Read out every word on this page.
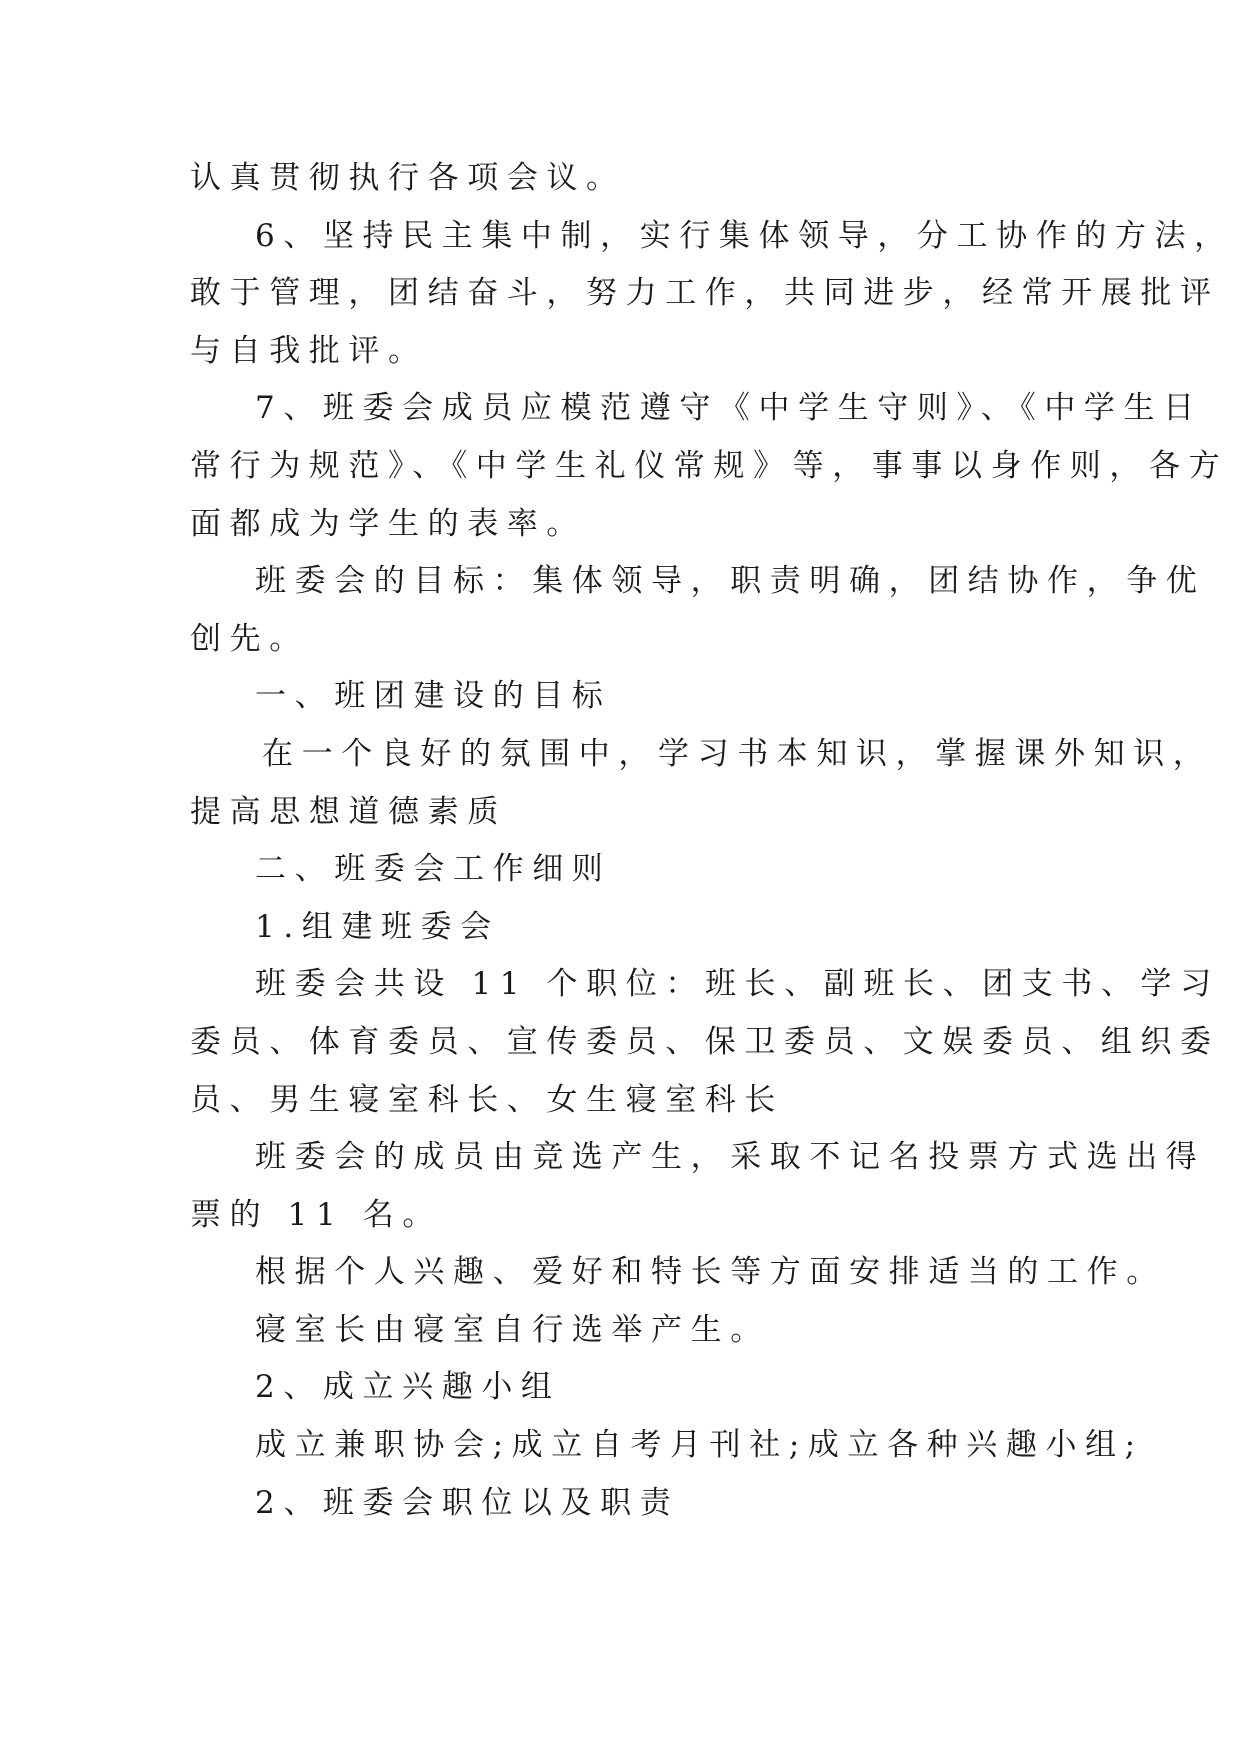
认真贯彻执行各项会议。

6、坚持民主集中制，实行集体领导，分工协作的方法，

敢于管理，团结奋斗，努力工作，共同进步，经常开展批评

与自我批评。

7、班委会成员应模范遵守《中学生守则》、《中学生日

常行为规范》、《中学生礼仪常规》等，事事以身作则，各方

面都成为学生的表率。

班委会的目标：集体领导，职责明确，团结协作，争优

创先。

一、班团建设的目标

在一个良好的氛围中，学习书本知识，掌握课外知识，

提高思想道德素质

二、班委会工作细则

1.组建班委会

班委会共设 11 个职位：班长、副班长、团支书、学习

委员、体育委员、宣传委员、保卫委员、文娱委员、组织委

员、男生寝室科长、女生寝室科长

班委会的成员由竞选产生，采取不记名投票方式选出得

票的 11 名。

根据个人兴趣、爱好和特长等方面安排适当的工作。

寝室长由寝室自行选举产生。

2、成立兴趣小组

成立兼职协会;成立自考月刊社;成立各种兴趣小组;

2、班委会职位以及职责
